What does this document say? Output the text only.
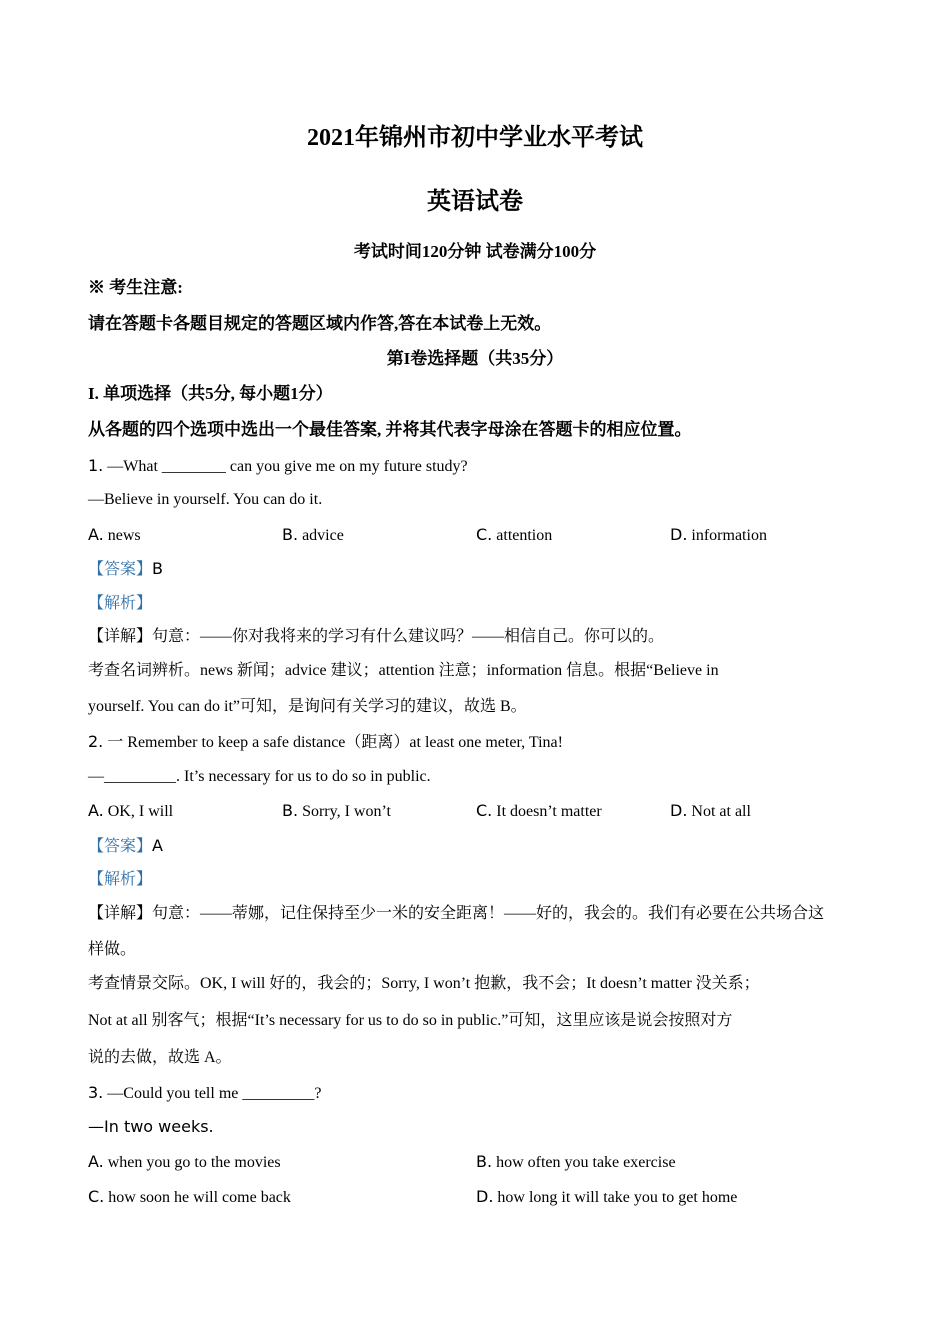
2021年锦州市初中学业水平考试
英语试卷
考试时间120分钟 试卷满分100分
※ 考生注意:
请在答题卡各题目规定的答题区域内作答,答在本试卷上无效。
第I卷选择题（共35分）
I. 单项选择（共5分, 每小题1分）
从各题的四个选项中选出一个最佳答案, 并将其代表字母涂在答题卡的相应位置。
1. —What ________ can you give me on my future study?
—Believe in yourself. You can do it.
A. news	B. advice	C. attention	D. information
【答案】B
【解析】
【详解】句意：——你对我将来的学习有什么建议吗？——相信自己。你可以的。
考查名词辨析。news 新闻；advice 建议；attention 注意；information 信息。根据“Believe in
yourself. You can do it”可知，是询问有关学习的建议，故选 B。
2. 一 Remember to keep a safe distance（距离）at least one meter, Tina!
—_________. It’s necessary for us to do so in public.
A. OK, I will	B. Sorry, I won’t	C. It doesn’t matter	D. Not at all
【答案】A
【解析】
【详解】句意：——蒂娜，记住保持至少一米的安全距离！——好的，我会的。我们有必要在公共场合这
样做。
考查情景交际。OK, I will 好的，我会的；Sorry, I won’t 抱歉，我不会；It doesn’t matter 没关系；
Not at all 别客气；根据“It’s necessary for us to do so in public.”可知，这里应该是说会按照对方
说的去做，故选 A。
3. —Could you tell me _________?
—In two weeks.
A. when you go to the movies	B. how often you take exercise
C. how soon he will come back	D. how long it will take you to get home
